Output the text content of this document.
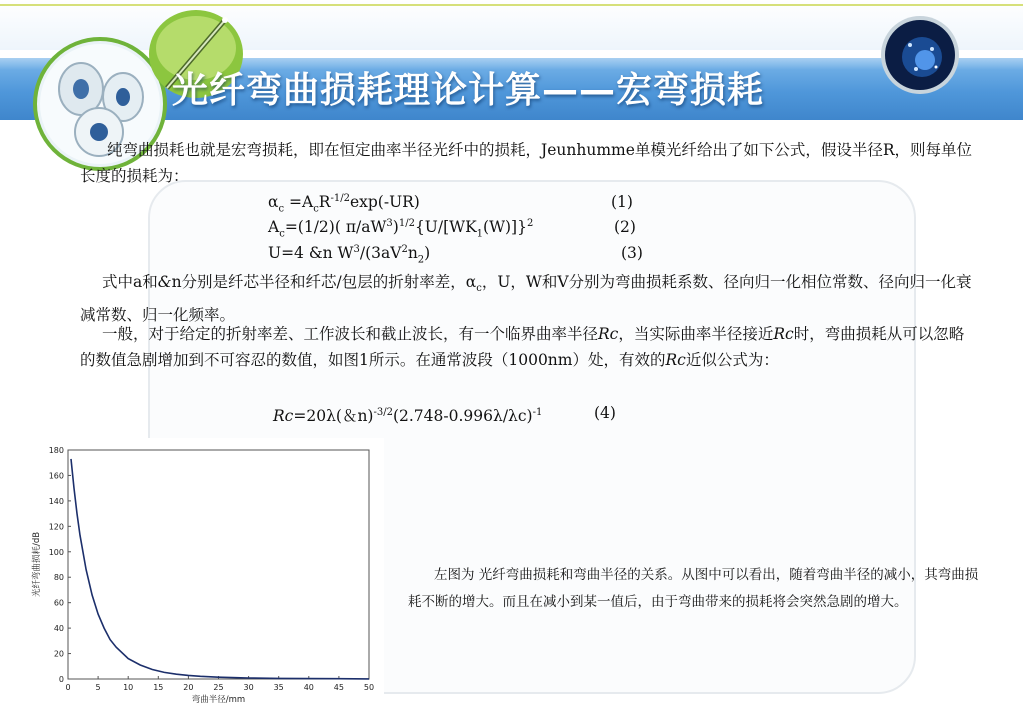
光纤弯曲损耗理论计算——宏弯损耗
纯弯曲损耗也就是宏弯损耗，即在恒定曲率半径光纤中的损耗，Jeunhumme单模光纤给出了如下公式，假设半径R，则每单位长度的损耗为：
$\alpha_c =A_cR^{-1/2}\exp(-UR)$	(1)
$A_c=(1/2)$( $\pi/aW^3)^{1/2}\{U/[WK_1(W)]\}^2$	(2)
U=4 &n $W^3/(3aV^2n_2)$	(3)
式中a和&n分别是纤芯半径和纤芯/包层的折射率差，$\alpha_c$，U，W和V分别为弯曲损耗系数、径向归一化相位常数、径向归一化衰减常数、归一化频率。
一般，对于给定的折射率差、工作波长和截止波长，有一个临界曲率半径Rc，当实际曲率半径接近Rc时，弯曲损耗从可以忽略的数值急剧增加到不可容忍的数值，如图1所示。在通常波段（1000nm）处，有效的Rc近似公式为：
Rc=20λ(＆$n)^{-3/2}(2.748-0.996\lambda/\lambda c)^{-1}$	(4)
0	5	10 15 20 25 30 35 40 45 50
0
20
40
60
80
100
120
140
160
180
弯曲半径/mm
光纤弯曲损耗/dB	左图为 光纤弯曲损耗和弯曲半径的关系。从图中可以看出，随着弯曲半径的减小，其弯曲损耗不断的增大。而且在减小到某一值后，由于弯曲带来的损耗将会突然急剧的增大。
